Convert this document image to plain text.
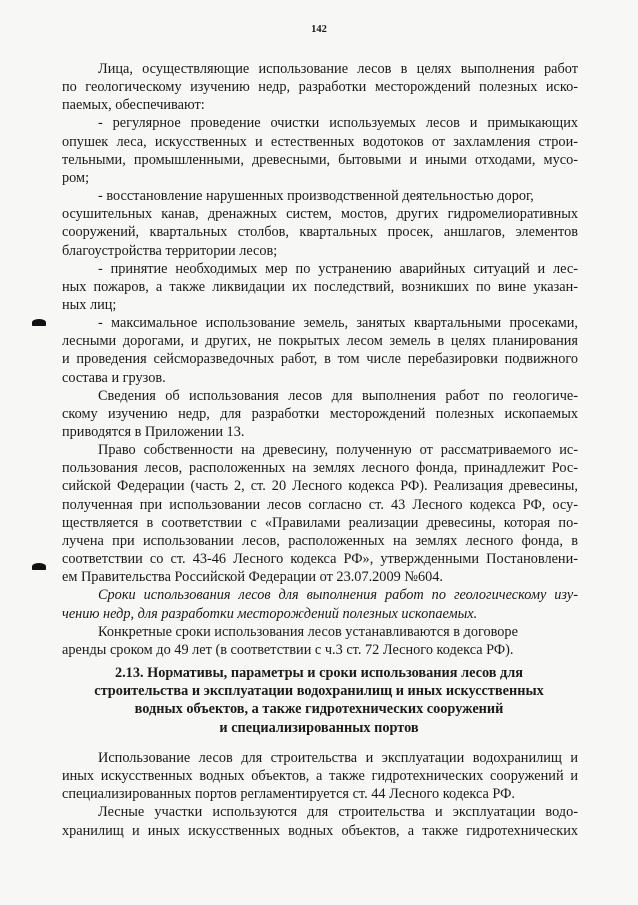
142
Лица, осуществляющие использование лесов в целях выполнения работ
по геологическому изучению недр, разработки месторождений полезных иско-
паемых, обеспечивают:
- регулярное проведение очистки используемых лесов и примыкающих
опушек леса, искусственных и естественных водотоков от захламления строи-
тельными, промышленными, древесными, бытовыми и иными отходами, мусо-
ром;
- восстановление нарушенных производственной деятельностью дорог,
осушительных канав, дренажных систем, мостов, других гидромелиоративных
сооружений, квартальных столбов, квартальных просек, аншлагов, элементов
благоустройства территории лесов;
- принятие необходимых мер по устранению аварийных ситуаций и лес-
ных пожаров, а также ликвидации их последствий, возникших по вине указан-
ных лиц;
- максимальное использование земель, занятых квартальными просеками,
лесными дорогами, и других, не покрытых лесом земель в целях планирования
и проведения сейсморазведочных работ, в том числе перебазировки подвижного
состава и грузов.
Сведения об использования лесов для выполнения работ по геологиче-
скому изучению недр, для разработки месторождений полезных ископаемых
приводятся в Приложении 13.
Право собственности на древесину, полученную от рассматриваемого ис-
пользования лесов, расположенных на землях лесного фонда, принадлежит Рос-
сийской Федерации (часть 2, ст. 20 Лесного кодекса РФ). Реализация древесины,
полученная при использовании лесов согласно ст. 43 Лесного кодекса РФ, осу-
ществляется в соответствии с «Правилами реализации древесины, которая по-
лучена при использовании лесов, расположенных на землях лесного фонда, в
соответствии со ст. 43-46 Лесного кодекса РФ», утвержденными Постановлени-
ем Правительства Российской Федерации от 23.07.2009 №604.
Сроки использования лесов для выполнения работ по геологическому изу-
чению недр, для разработки месторождений полезных ископаемых.
Конкретные сроки использования лесов устанавливаются в договоре
аренды сроком до 49 лет (в соответствии с ч.3 ст. 72 Лесного кодекса РФ).
2.13. Нормативы, параметры и сроки использования лесов для
строительства и эксплуатации водохранилищ и иных искусственных
водных объектов, а также гидротехнических сооружений
и специализированных портов
Использование лесов для строительства и эксплуатации водохранилищ и
иных искусственных водных объектов, а также гидротехнических сооружений и
специализированных портов регламентируется ст. 44 Лесного кодекса РФ.
Лесные участки используются для строительства и эксплуатации водо-
хранилищ и иных искусственных водных объектов, а также гидротехнических
